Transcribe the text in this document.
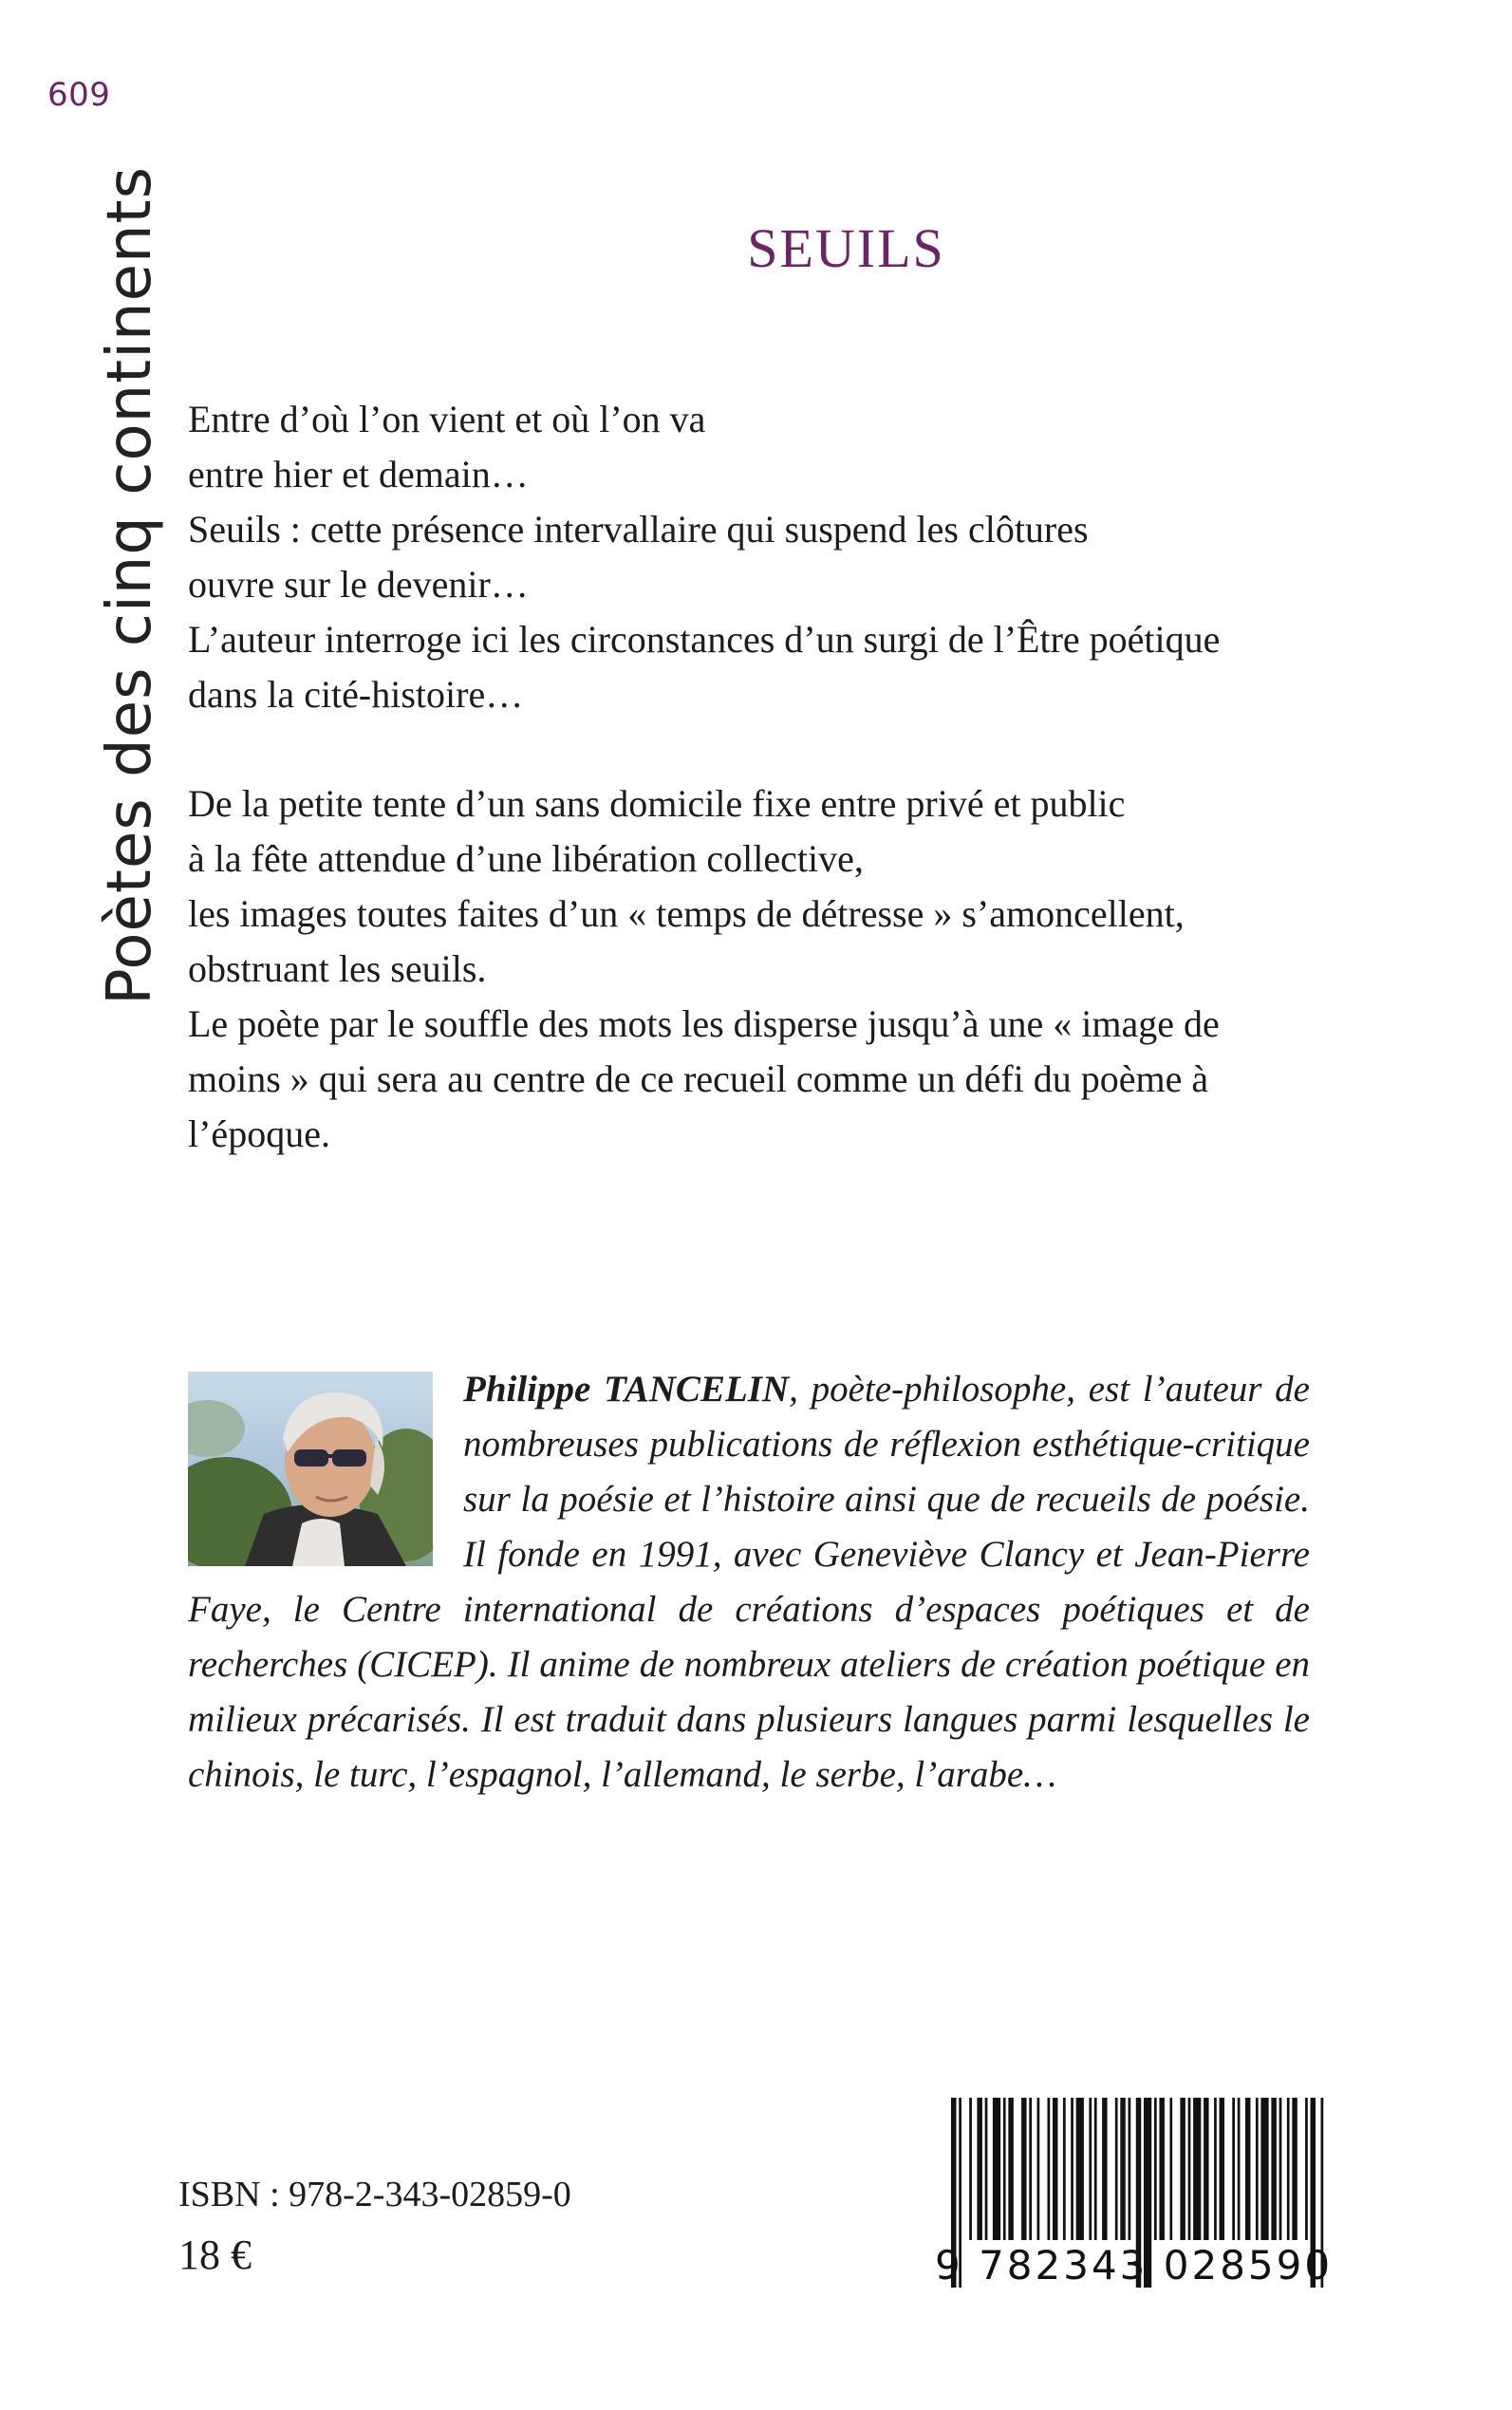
609
Poètes des cinq continents	SEUILS
Entre d’où l’on vient et où l’on va
entre hier et demain…
Seuils : cette présence intervallaire qui suspend les clôtures
ouvre sur le devenir…
L’auteur interroge ici les circonstances d’un surgi de l’Être poétique
dans la cité-histoire…
De la petite tente d’un sans domicile fixe entre privé et public
à la fête attendue d’une libération collective,
les images toutes faites d’un « temps de détresse » s’amoncellent,
obstruant les seuils.
Le poète par le souffle des mots les disperse jusqu’à une « image de
moins » qui sera au centre de ce recueil comme un défi du poème à
l’époque.
Philippe TANCELIN, poète-philosophe, est l’auteur de nombreuses publications de réflexion esthétique-critique sur la poésie et l’histoire ainsi que de recueils de poésie. Il fonde en 1991, avec Geneviève Clancy et Jean-Pierre Faye, le Centre international de créations d’espaces poétiques et de recherches (CICEP). Il anime de nombreux ateliers de création poétique en milieux précarisés. Il est traduit dans plusieurs langues parmi lesquelles le chinois, le turc, l’espagnol, l’allemand, le serbe, l’arabe…
ISBN : 978-2-343-02859-0
18 €	9 782343 028590
